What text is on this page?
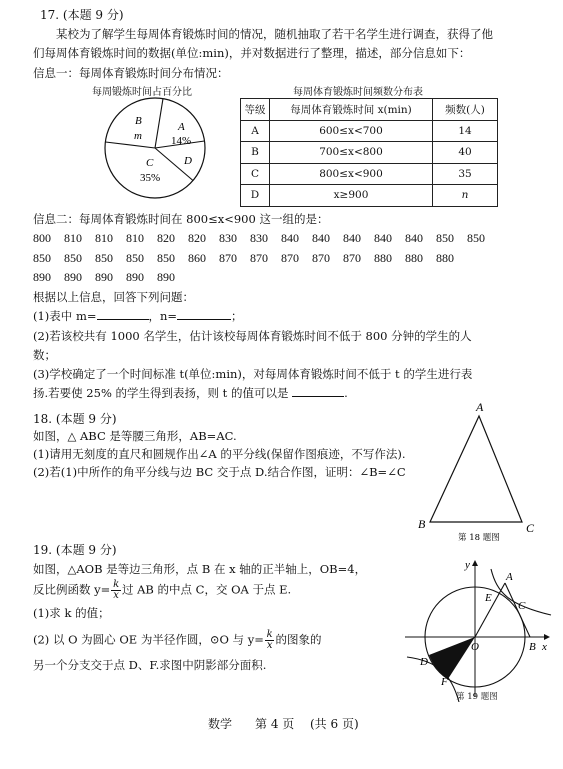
17. (本题 9 分)
某校为了解学生每周体育锻炼时间的情况，随机抽取了若干名学生进行调查，获得了他
们每周体育锻炼时间的数据(单位:min)，并对数据进行了整理，描述，部分信息如下：
信息一：每周体育锻炼时间分布情况：
每周锻炼时间占百分比	每周体育锻炼时间频数分布表
B
m
A
14%
D
C
35%
等级	每周体育锻炼时间 x(min)	频数(人)
A	600≤x<700	14
B	700≤x<800	40
C	800≤x<900	35
D	x≥900	n
信息二：每周体育锻炼时间在 800≤x<900 这一组的是：
800  810  810  810  820  820  830  830  840  840  840  840  840  850  850
850  850  850  850  850  860  870  870  870  870  870  880  880  880
890  890  890  890  890
根据以上信息，回答下列问题：
(1)表中 m=	，n=	；
(2)若该校共有 1000 名学生，估计该校每周体育锻炼时间不低于 800 分钟的学生的人
数；
(3)学校确定了一个时间标准 t(单位:min)，对每周体育锻炼时间不低于 t 的学生进行表
扬.若要使 25% 的学生得到表扬，则 t 的值可以是	.
18. (本题 9 分)
如图，△ ABC 是等腰三角形，AB=AC.
(1)请用无刻度的直尺和圆规作出∠A 的平分线(保留作图痕迹，不写作法).
(2)若(1)中所作的角平分线与边 BC 交于点 D.结合作图，证明：∠B=∠C
A
B	C
第 18 题图
19. (本题 9 分)
如图，△AOB 是等边三角形，点 B 在 x 轴的正半轴上，OB=4，
反比例函数 $y= \frac{k}{x}$ 过 AB 的中点 C，交 OA 于点 E.
(1)求 k 的值；
(2) 以 O 为圆心 OE 为半径作圆，⊙O 与 $y= \frac{k}{x}$ 的图象的
另一个分支交于点 D、F.求图中阴影部分面积.
y
A
E
C
O	B x
D
F
第 19 题图
数学 第 4 页 (共 6 页)
